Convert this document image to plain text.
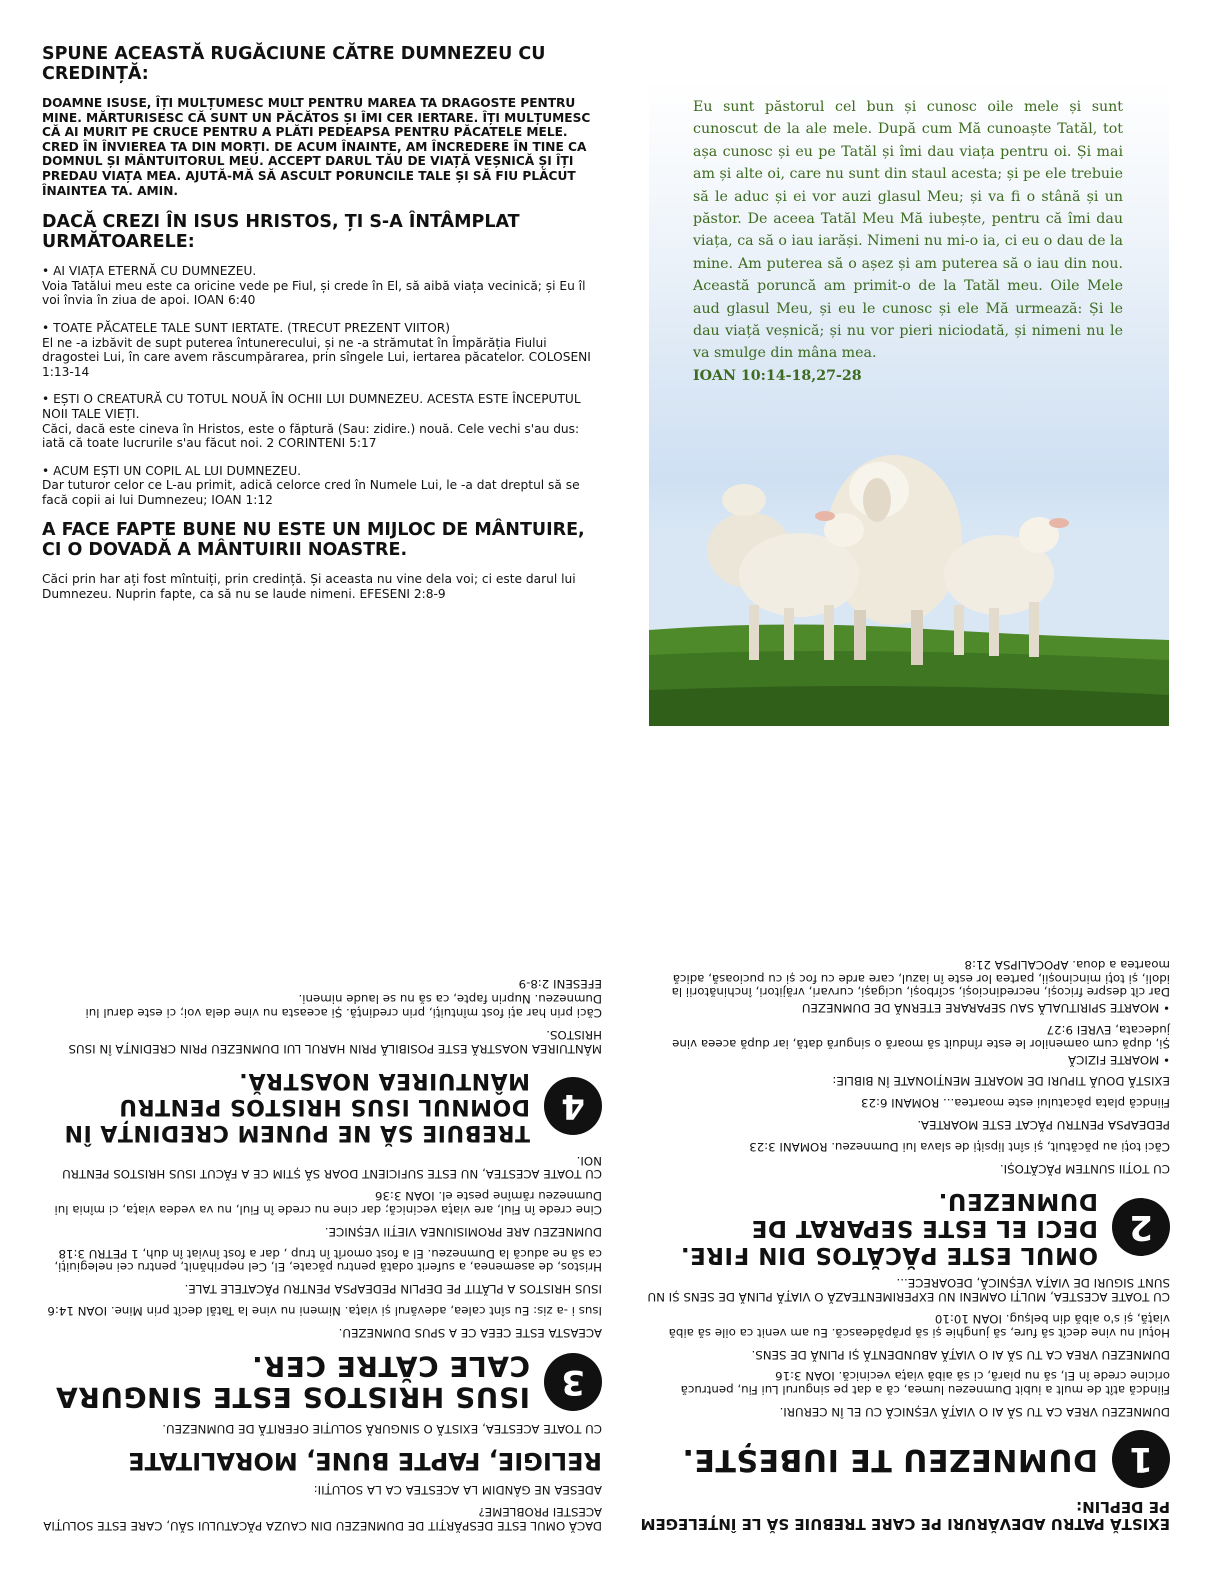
SPUNE ACEASTĂ RUGĂCIUNE CĂTRE DUMNEZEU CU CREDINȚĂ:

DOAMNE ISUSE, ÎȚI MULȚUMESC MULT PENTRU MAREA TA DRAGOSTE PENTRU MINE. MĂRTURISESC CĂ SUNT UN PĂCĂTOS ȘI ÎMI CER IERTARE. ÎȚI MULȚUMESC CĂ AI MURIT PE CRUCE PENTRU A PLĂTI PEDEAPSA PENTRU PĂCATELE MELE. CRED ÎN ÎNVIEREA TA DIN MORȚI. DE ACUM ÎNAINTE, AM ÎNCREDERE ÎN TINE CA DOMNUL ȘI MÂNTUITORUL MEU. ACCEPT DARUL TĂU DE VIAȚĂ VEȘNICĂ ȘI ÎȚI PREDAU VIAȚA MEA. AJUTĂ-MĂ SĂ ASCULT PORUNCILE TALE ȘI SĂ FIU PLĂCUT ÎNAINTEA TA. AMIN.

DACĂ CREZI ÎN ISUS HRISTOS, ȚI S-A ÎNTÂMPLAT URMĂTOARELE:
• AI VIAȚA ETERNĂ CU DUMNEZEU.
Voia Tatălui meu este ca oricine vede pe Fiul, și crede în El, să aibă viața vecinică; și Eu îl voi învia în ziua de apoi. IOAN 6:40
• TOATE PĂCATELE TALE SUNT IERTATE. (TRECUT PREZENT VIITOR)
El ne -a izbăvit de supt puterea întunerecului, și ne -a strămutat în Împărăția Fiului dragostei Lui, în care avem răscumpărarea, prin sîngele Lui, iertarea păcatelor. COLOSENI 1:13-14
• EȘTI O CREATURĂ CU TOTUL NOUĂ ÎN OCHII LUI DUMNEZEU. ACESTA ESTE ÎNCEPUTUL NOII TALE VIEȚI.
Căci, dacă este cineva în Hristos, este o făptură (Sau: zidire.) nouă. Cele vechi s'au dus: iată că toate lucrurile s'au făcut noi. 2 CORINTENI 5:17
• ACUM EȘTI UN COPIL AL LUI DUMNEZEU.
Dar tuturor celor ce L-au primit, adică celorce cred în Numele Lui, le -a dat dreptul să se facă copii ai lui Dumnezeu; IOAN 1:12
A FACE FAPTE BUNE NU ESTE UN MIJLOC DE MÂNTUIRE, CI O DOVADĂ A MÂNTUIRII NOASTRE.

Căci prin har ați fost mîntuiți, prin credință. Și aceasta nu vine dela voi; ci este darul lui Dumnezeu. Nuprin fapte, ca să nu se laude nimeni. EFESENI 2:8-9

Eu sunt păstorul cel bun și cunosc oile mele și sunt cunoscut de la ale mele. După cum Mă cunoaște Tatăl, tot așa cunosc și eu pe Tatăl și îmi dau viața pentru oi. Și mai am și alte oi, care nu sunt din staul acesta; și pe ele trebuie să le aduc și ei vor auzi glasul Meu; și va fi o stână și un păstor. De aceea Tatăl Meu Mă iubește, pentru că îmi dau viața, ca să o iau iarăși. Nimeni nu mi-o ia, ci eu o dau de la mine. Am puterea să o așez și am puterea să o iau din nou. Această poruncă am primit-o de la Tatăl meu. Oile Mele aud glasul Meu, și eu le cunosc și ele Mă urmează: Și le dau viață veșnică; și nu vor pieri niciodată, și nimeni nu le va smulge din mâna mea.
IOAN 10:14-18,27-28
EXISTĂ PATRU ADEVĂRURI PE CARE TREBUIE SĂ LE ÎNȚELEGEM PE DEPLIN:
1
DUMNEZEU TE IUBEȘTE.

DUMNEZEU VREA CA TU SĂ AI O VIAȚĂ VEȘNICĂ CU EL ÎN CERURI.

Fiindcă atît de mult a iubit Dumnezeu lumea, că a dat pe singurul Lui Fiu, pentrucă oricine crede în El, să nu piară, ci să aibă viața vecinică. IOAN 3:16

DUMNEZEU VREA CA TU SĂ AI O VIAȚĂ ABUNDENTĂ ȘI PLINĂ DE SENS.

Hoțul nu vine decît să fure, să junghie și să prăpădească. Eu am venit ca oile să aibă viață, și s'o aibă din belșug. IOAN 10:10

CU TOATE ACESTEA, MULȚI OAMENI NU EXPERIMENTEAZĂ O VIAȚĂ PLINĂ DE SENS ȘI NU SUNT SIGURI DE VIAȚA VEȘNICĂ, DEOARECE...

2
OMUL ESTE PĂCĂTOS DIN FIRE. DECI EL ESTE SEPARAT DE DUMNEZEU.

CU TOȚII SUNTEM PĂCĂTOȘI.

Căci toți au păcătuit, și sînt lipsiți de slava lui Dumnezeu. ROMANI 3:23

PEDEAPSA PENTRU PĂCAT ESTE MOARTEA.

Fiindcă plata păcatului este moartea... ROMANI 6:23

EXISTĂ DOUĂ TIPURI DE MOARTE MENȚIONATE ÎN BIBLIE:

• MOARTE FIZICĂ

Și, după cum oamenilor le este rînduit să moară o singură dată, iar după aceea vine judecata, EVREI 9:27

• MOARTE SPIRITUALĂ SAU SEPARARE ETERNĂ DE DUMNEZEU

Dar cît despre fricoși, necredincioși, scîrboși, ucigași, curvari, vrăjitori, închinătorii la idoli, și toți mincinoșii, partea lor este în iazul, care arde cu foc și cu pucioasă, adică moartea a doua. APOCALIPSA 21:8

DACĂ OMUL ESTE DESPĂRȚIT DE DUMNEZEU DIN CAUZA PĂCATULUI SĂU, CARE ESTE SOLUȚIA ACESTEI PROBLEME?

ADESEA NE GÂNDIM LA ACESTEA CA LA SOLUȚII:

RELIGIE, FAPTE BUNE, MORALITATE

CU TOATE ACESTEA, EXISTĂ O SINGURĂ SOLUȚIE OFERITĂ DE DUMNEZEU.

3
ISUS HRISTOS ESTE SINGURA CALE CĂTRE CER.

ACEASTA ESTE CEEA CE A SPUS DUMNEZEU.

Isus i -a zis: Eu sînt calea, adevărul și viața. Nimeni nu vine la Tatăl decît prin Mine. IOAN 14:6

ISUS HRISTOS A PLĂTIT PE DEPLIN PEDEAPSA PENTRU PĂCATELE TALE.

Hristos, de asemenea, a suferit odată pentru păcate, El, Cel neprihănit, pentru cei nelegiuiți, ca să ne aducă la Dumnezeu. El a fost omorît în trup , dar a fost înviat în duh, 1 PETRU 3:18

DUMNEZEU ARE PROMISIUNEA VIEȚII VEȘNICE.

Cine crede în Fiul, are viața vecinică; dar cine nu crede în Fiul, nu va vedea viața, ci mînia lui Dumnezeu rămîne peste el. IOAN 3:36

CU TOATE ACESTEA, NU ESTE SUFICIENT DOAR SĂ ȘTIM CE A FĂCUT ISUS HRISTOS PENTRU NOI.

4
TREBUIE SĂ NE PUNEM CREDINȚA ÎN DOMNUL ISUS HRISTOS PENTRU MÂNTUIREA NOASTRĂ.

MÂNTUIREA NOASTRĂ ESTE POSIBILĂ PRIN HARUL LUI DUMNEZEU PRIN CREDINȚA ÎN ISUS HRISTOS.

Căci prin har ați fost mîntuiți, prin credință. Și aceasta nu vine dela voi; ci este darul lui Dumnezeu. Nuprin fapte, ca să nu se laude nimeni.

EFESENI 2:8-9
